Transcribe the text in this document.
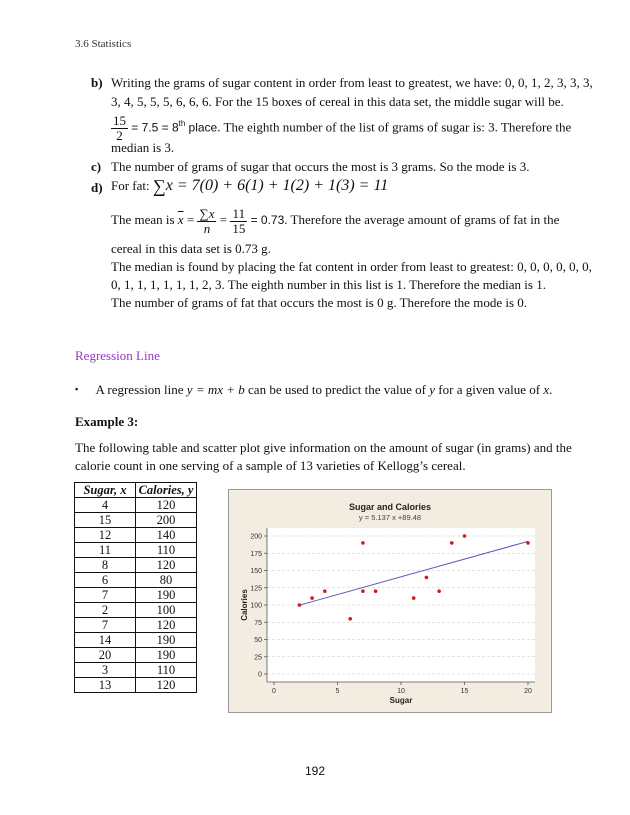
3.6 Statistics
b) Writing the grams of sugar content in order from least to greatest, we have: 0, 0, 1, 2, 3, 3, 3,
3, 4, 5, 5, 5, 6, 6, 6. For the 15 boxes of cereal in this data set, the middle sugar will be.
$\frac{15}{2} = 7.5 = 8th$ place. The eighth number of the list of grams of sugar is: 3. Therefore the
median is 3.
c) The number of grams of sugar that occurs the most is 3 grams. So the mode is 3.
d) For fat: ∑x = 7(0) + 6(1) + 1(2) + 1(3) = 11
The mean is $\overline{x} = \frac{\sum x}{n} = \frac{11}{15} = 0.73$. Therefore the average amount of grams of fat in the
cereal in this data set is 0.73 g.
The median is found by placing the fat content in order from least to greatest: 0, 0, 0, 0, 0, 0,
0, 1, 1, 1, 1, 1, 1, 2, 3. The eighth number in this list is 1. Therefore the median is 1.
The number of grams of fat that occurs the most is 0 g. Therefore the mode is 0.
Regression Line
▪ A regression line y = mx + b can be used to predict the value of y for a given value of x.
Example 3:
The following table and scatter plot give information on the amount of sugar (in grams) and the
calorie count in one serving of a sample of 13 varieties of Kellogg’s cereal.
Sugar, x	Calories, y
4	120
15	200
12	140
11	110
8	120
6	80
7	190
2	100
7	120
14	190
20	190
3	110
13	120
Sugar and Calories
y = 5.137 x +89.48
0
25
50
75
100
125
150
175
200
0	5	10	15	20
Sugar
Calories
192
